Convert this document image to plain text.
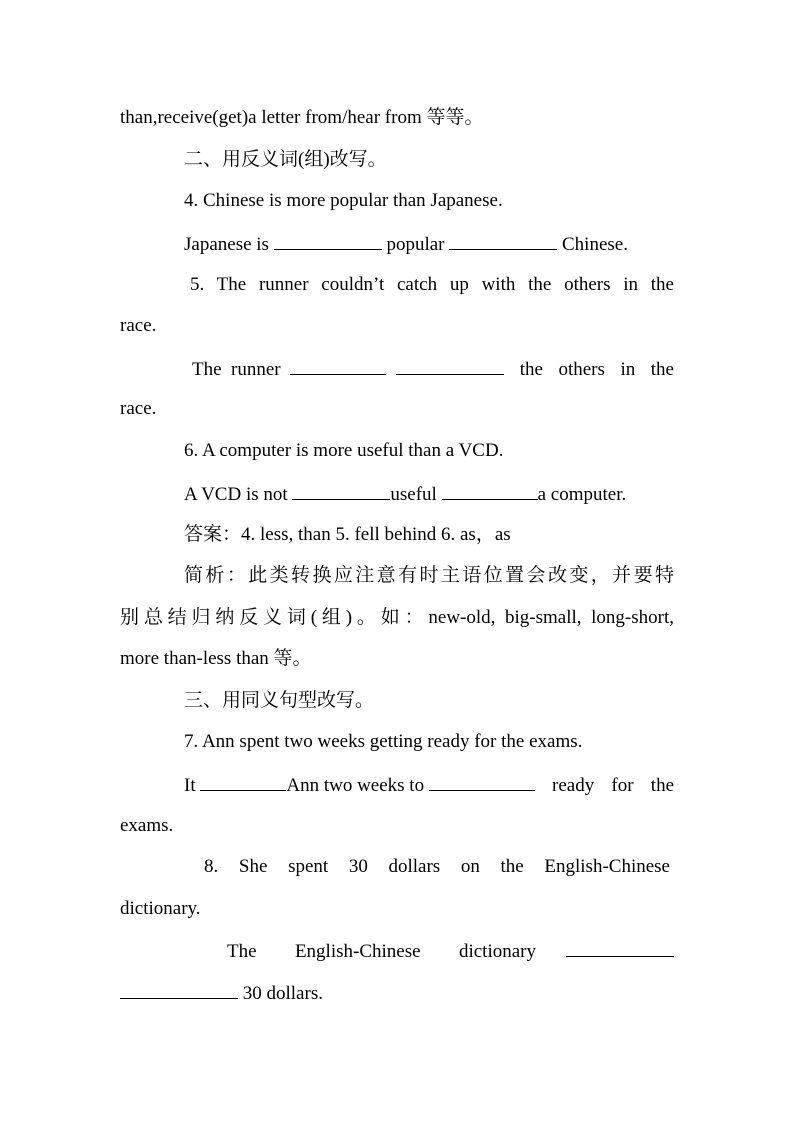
than,receive(get)a letter from/hear from 等等。
二、用反义词(组)改写。
4. Chinese is more popular than Japanese.
Japanese is	popular	Chinese.
5. The runner couldn’t catch up with the others in the
race.
The  runner	the  others  in  the
race.
6. A computer is more useful than a VCD.
A VCD is not	useful	a computer.
答案：4. less, than 5. fell behind 6. as，as
简析：此类转换应注意有时主语位置会改变，并要特
别总结归纳反义词(组)。如：new-old, big-small, long-short,
more than-less than 等。
三、用同义句型改写。
7. Ann spent two weeks getting ready for the exams.
It	Ann two weeks to	ready for the
exams.
8. She spent 30 dollars on the English-Chinese
dictionary.
The  English-Chinese  dictionary
30 dollars.
